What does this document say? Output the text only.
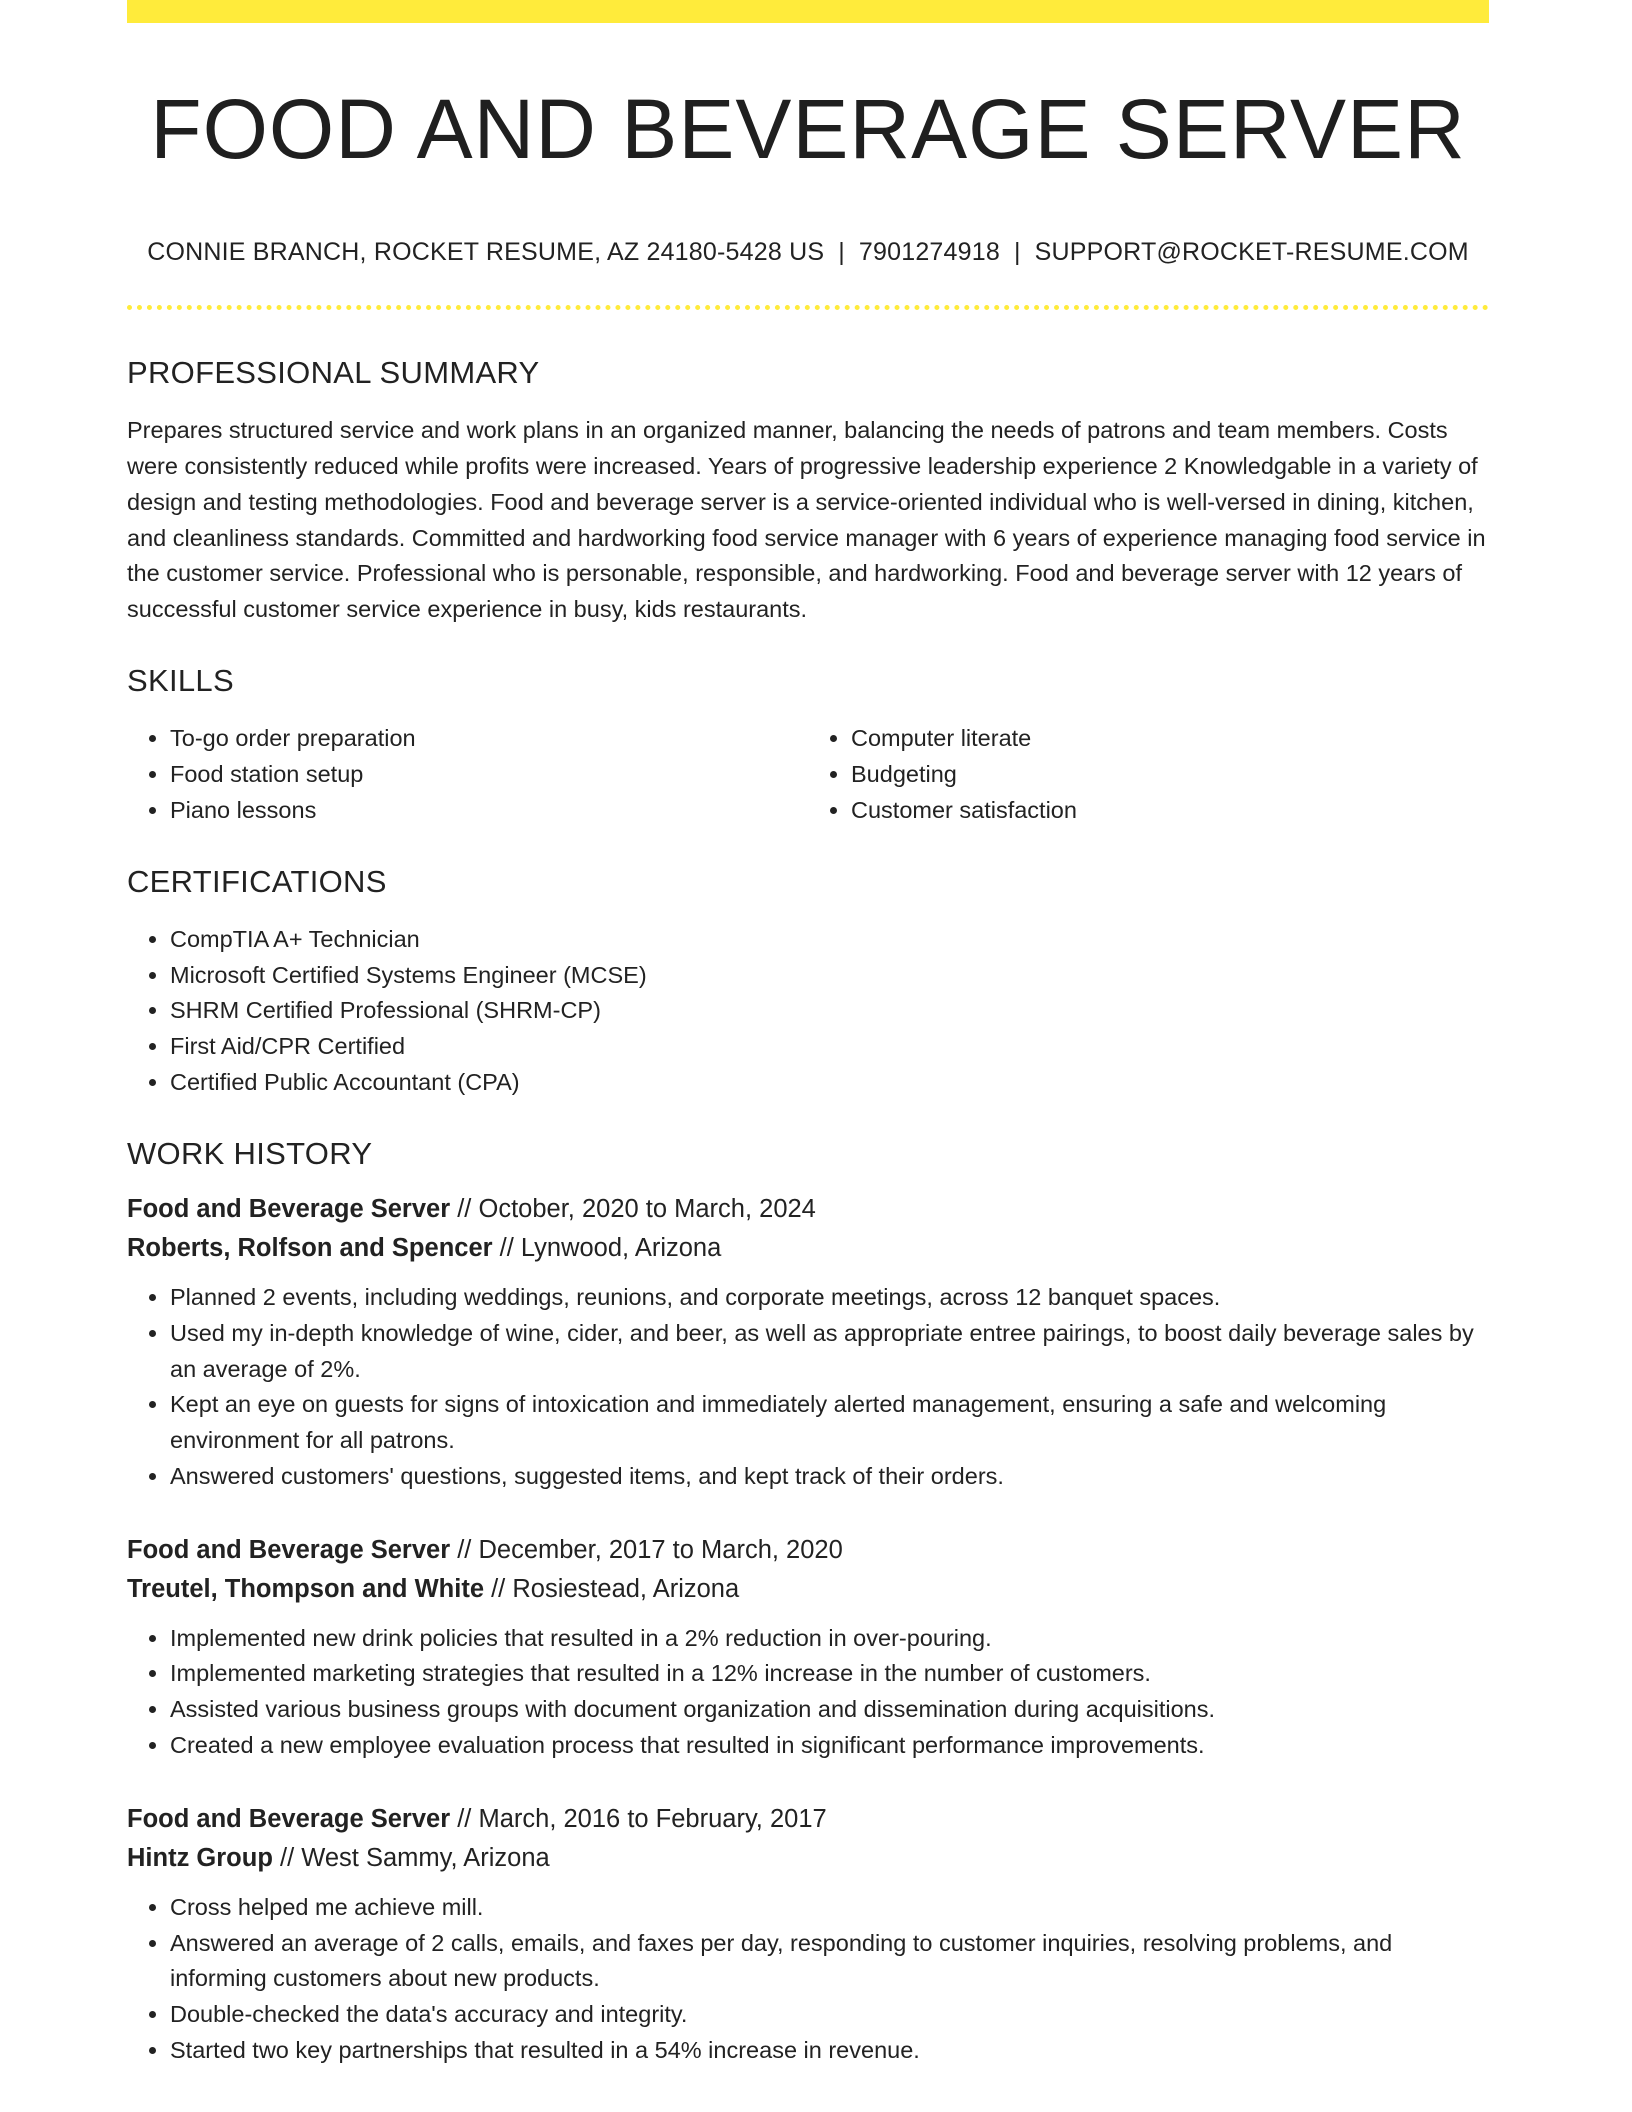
FOOD AND BEVERAGE SERVER
CONNIE BRANCH, ROCKET RESUME, AZ 24180-5428 US | 7901274918 | SUPPORT@ROCKET-RESUME.COM
PROFESSIONAL SUMMARY
Prepares structured service and work plans in an organized manner, balancing the needs of patrons and team members. Costs were consistently reduced while profits were increased. Years of progressive leadership experience 2 Knowledgable in a variety of design and testing methodologies. Food and beverage server is a service-oriented individual who is well-versed in dining, kitchen, and cleanliness standards. Committed and hardworking food service manager with 6 years of experience managing food service in the customer service. Professional who is personable, responsible, and hardworking. Food and beverage server with 12 years of successful customer service experience in busy, kids restaurants.
SKILLS
• To-go order preparation
• Food station setup
• Piano lessons
• Computer literate
• Budgeting
• Customer satisfaction
CERTIFICATIONS
• CompTIA A+ Technician
• Microsoft Certified Systems Engineer (MCSE)
• SHRM Certified Professional (SHRM-CP)
• First Aid/CPR Certified
• Certified Public Accountant (CPA)
WORK HISTORY
Food and Beverage Server // October, 2020 to March, 2024
Roberts, Rolfson and Spencer // Lynwood, Arizona
• Planned 2 events, including weddings, reunions, and corporate meetings, across 12 banquet spaces.
• Used my in-depth knowledge of wine, cider, and beer, as well as appropriate entree pairings, to boost daily beverage sales by an average of 2%.
• Kept an eye on guests for signs of intoxication and immediately alerted management, ensuring a safe and welcoming environment for all patrons.
• Answered customers' questions, suggested items, and kept track of their orders.
Food and Beverage Server // December, 2017 to March, 2020
Treutel, Thompson and White // Rosiestead, Arizona
• Implemented new drink policies that resulted in a 2% reduction in over-pouring.
• Implemented marketing strategies that resulted in a 12% increase in the number of customers.
• Assisted various business groups with document organization and dissemination during acquisitions.
• Created a new employee evaluation process that resulted in significant performance improvements.
Food and Beverage Server // March, 2016 to February, 2017
Hintz Group // West Sammy, Arizona
• Cross helped me achieve mill.
• Answered an average of 2 calls, emails, and faxes per day, responding to customer inquiries, resolving problems, and informing customers about new products.
• Double-checked the data's accuracy and integrity.
• Started two key partnerships that resulted in a 54% increase in revenue.
